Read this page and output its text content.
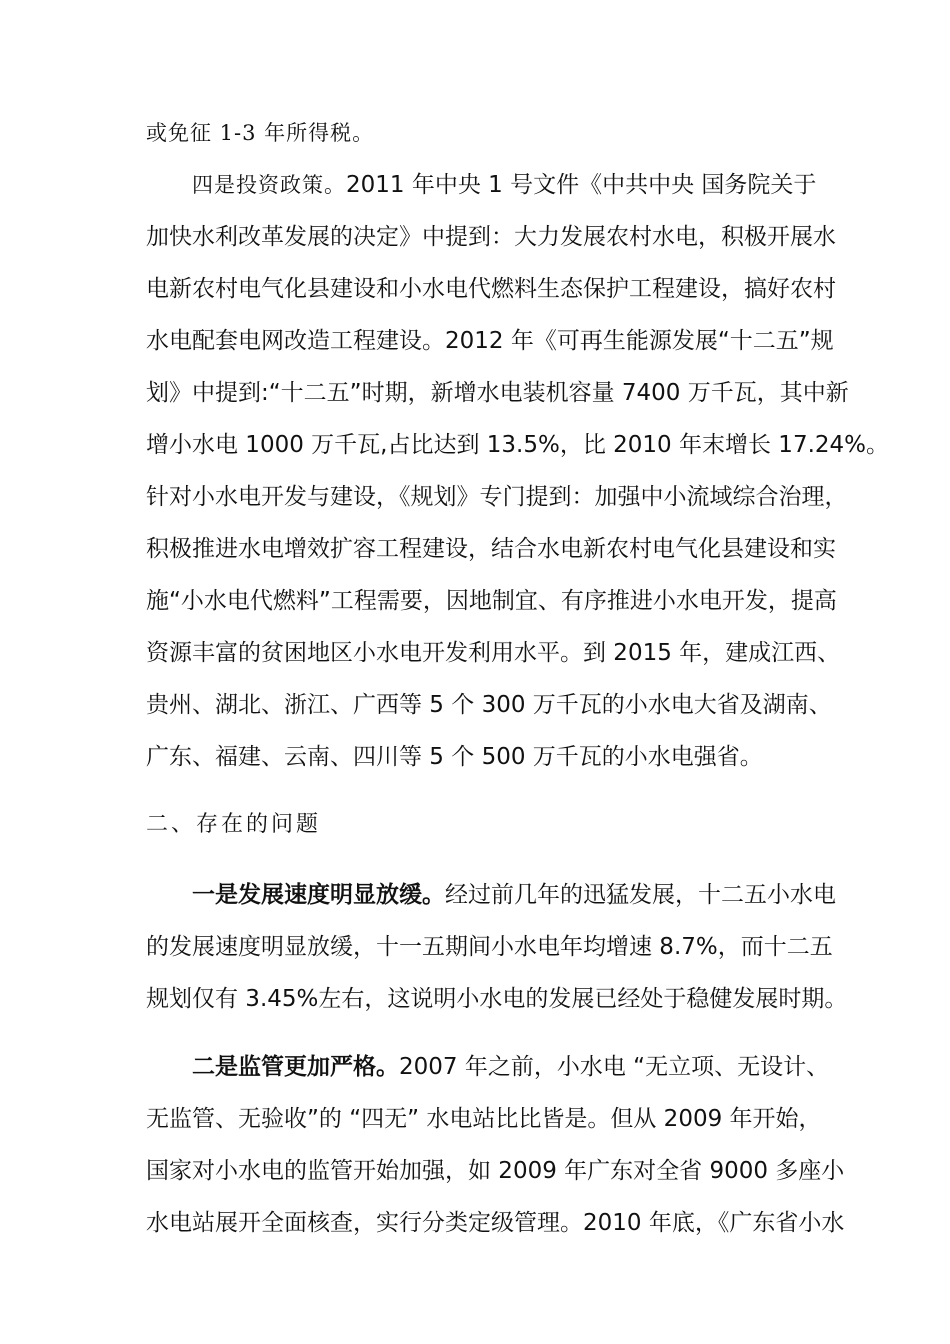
或免征 1-3 年所得税。
四是投资政策。2011 年中央 1 号文件《中共中央 国务院关于
加快水利改革发展的决定》中提到：大力发展农村水电，积极开展水
电新农村电气化县建设和小水电代燃料生态保护工程建设，搞好农村
水电配套电网改造工程建设。2012 年《可再生能源发展“十二五”规
划》中提到:“十二五”时期，新增水电装机容量 7400 万千瓦，其中新
增小水电 1000 万千瓦,占比达到 13.5%，比 2010 年末增长 17.24%。
针对小水电开发与建设，《规划》专门提到：加强中小流域综合治理，
积极推进水电增效扩容工程建设，结合水电新农村电气化县建设和实
施“小水电代燃料”工程需要，因地制宜、有序推进小水电开发，提高
资源丰富的贫困地区小水电开发利用水平。到 2015 年，建成江西、
贵州、湖北、浙江、广西等 5 个 300 万千瓦的小水电大省及湖南、
广东、福建、云南、四川等 5 个 500 万千瓦的小水电强省。
二、存在的问题
一是发展速度明显放缓。经过前几年的迅猛发展，十二五小水电
的发展速度明显放缓，十一五期间小水电年均增速 8.7%，而十二五
规划仅有 3.45%左右，这说明小水电的发展已经处于稳健发展时期。
二是监管更加严格。2007 年之前，小水电 “无立项、无设计、
无监管、无验收”的 “四无” 水电站比比皆是。但从 2009 年开始，
国家对小水电的监管开始加强，如 2009 年广东对全省 9000 多座小
水电站展开全面核查，实行分类定级管理。2010 年底，《广东省小水
